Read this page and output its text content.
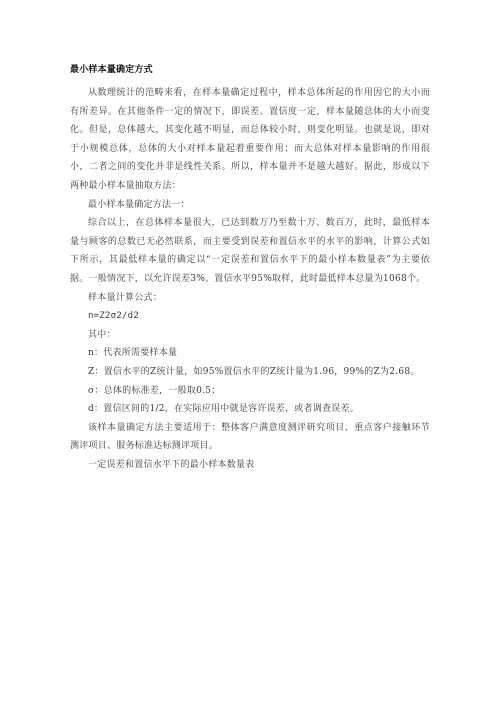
最小样本量确定方式

从数理统计的范畴来看，在样本量确定过程中，样本总体所起的作用因它的大小而有所差异。在其他条件一定的情况下，即误差、置信度一定，样本量随总体的大小而变化。但是，总体越大，其变化越不明显，而总体较小时，则变化明显。也就是说，即对于小规模总体，总体的大小对样本量起着重要作用；而大总体对样本量影响的作用很小，二者之间的变化并非是线性关系。所以，样本量并不是越大越好。据此，形成以下两种最小样本量抽取方法：

最小样本量确定方法一：

综合以上，在总体样本量很大，已达到数万乃至数十万、数百万，此时，最低样本量与顾客的总数已无必然联系，而主要受到误差和置信水平的水平的影响，计算公式如下所示，其最低样本量的确定以“一定误差和置信水平下的最小样本数量表”为主要依据。一般情况下，以允许误差3%、置信水平95%取样，此时最低样本总量为1068个。

样本量计算公式：

n=Z2σ2/d2

其中：

n：代表所需要样本量

Z：置信水平的Z统计量，如95%置信水平的Z统计量为1.96，99%的Z为2.68。

σ：总体的标准差，一般取0.5；

d：置信区间的1/2，在实际应用中就是容许误差，或者调查误差。

该样本量确定方法主要适用于：整体客户满意度测评研究项目、重点客户接触环节测评项目、服务标准达标测评项目。

一定误差和置信水平下的最小样本数量表
